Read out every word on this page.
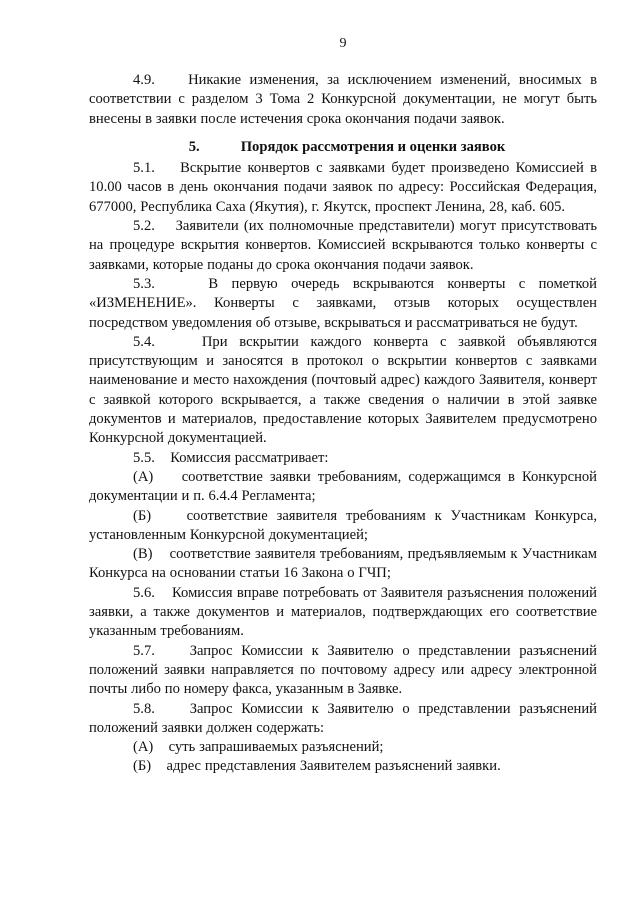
9

4.9. Никакие изменения, за исключением изменений, вносимых в соответствии с разделом 3 Тома 2 Конкурсной документации, не могут быть внесены в заявки после истечения срока окончания подачи заявок.

5.	Порядок рассмотрения и оценки заявок

5.1. Вскрытие конвертов с заявками будет произведено Комиссией в 10.00 часов в день окончания подачи заявок по адресу: Российская Федерация, 677000, Республика Саха (Якутия), г. Якутск, проспект Ленина, 28, каб. 605.

5.2. Заявители (их полномочные представители) могут присутствовать на процедуре вскрытия конвертов. Комиссией вскрываются только конверты с заявками, которые поданы до срока окончания подачи заявок.

5.3.	В первую очередь вскрываются конверты с пометкой «ИЗМЕНЕНИЕ». Конверты с заявками, отзыв которых осуществлен посредством уведомления об отзыве, вскрываться и рассматриваться не будут.

5.4.	При вскрытии каждого конверта с заявкой объявляются присутствующим и заносятся в протокол о вскрытии конвертов с заявками наименование и место нахождения (почтовый адрес) каждого Заявителя, конверт с заявкой которого вскрывается, а также сведения о наличии в этой заявке документов и материалов, предоставление которых Заявителем предусмотрено Конкурсной документацией.

5.5. Комиссия рассматривает:

(А) соответствие заявки требованиям, содержащимся в Конкурсной документации и п. 6.4.4 Регламента;

(Б) соответствие заявителя требованиям к Участникам Конкурса, установленным Конкурсной документацией;

(В) соответствие заявителя требованиям, предъявляемым к Участникам Конкурса на основании статьи 16 Закона о ГЧП;

5.6. Комиссия вправе потребовать от Заявителя разъяснения положений заявки, а также документов и материалов, подтверждающих его соответствие указанным требованиям.

5.7. Запрос Комиссии к Заявителю о представлении разъяснений положений заявки направляется по почтовому адресу или адресу электронной почты либо по номеру факса, указанным в Заявке.

5.8. Запрос Комиссии к Заявителю о представлении разъяснений положений заявки должен содержать:

(А) суть запрашиваемых разъяснений;

(Б) адрес представления Заявителем разъяснений заявки.
